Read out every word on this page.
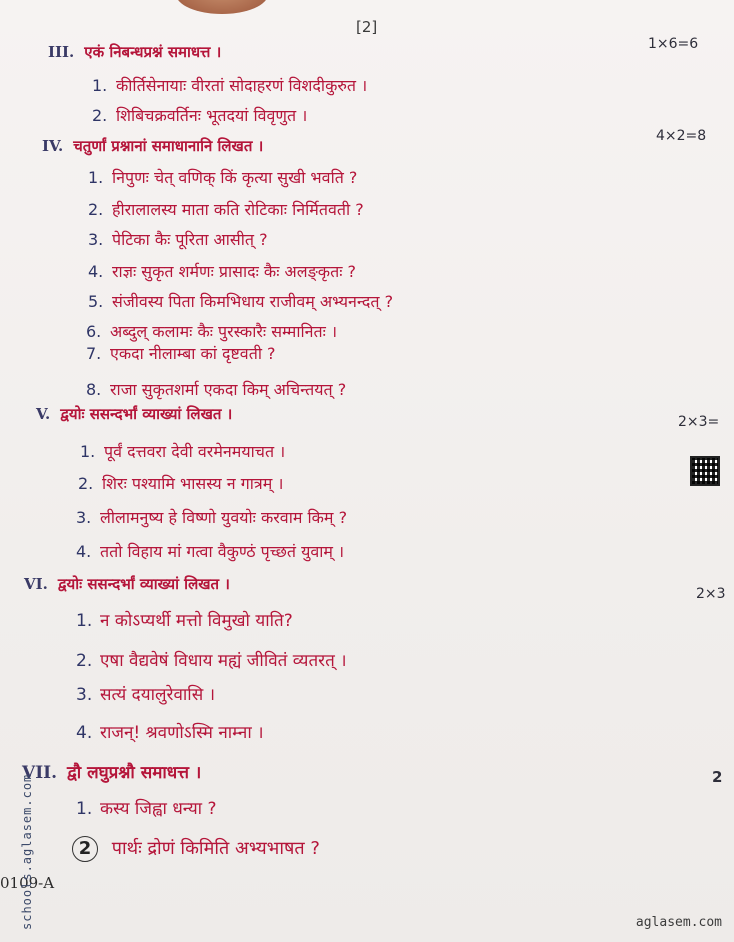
[2]
III. एकं निबन्धप्रश्नं समाधत्त ।	1×6=6
1. कीर्तिसेनायाः वीरतां सोदाहरणं विशदीकुरुत ।
2. शिबिचक्रवर्तिनः भूतदयां विवृणुत ।
IV. चतुर्णां प्रश्नानां समाधानानि लिखत ।
4×2=8
1. निपुणः चेत् वणिक् किं कृत्या सुखी भवति ?
2. हीरालालस्य माता कति रोटिकाः निर्मितवती ?
3. पेटिका कैः पूरिता आसीत् ?
4. राज्ञः सुकृत शर्मणः प्रासादः कैः अलङ्कृतः ?
5. संजीवस्य पिता किमभिधाय राजीवम् अभ्यनन्दत् ?
6. अब्दुल् कलामः कैः पुरस्कारैः सम्मानितः ।
7. एकदा नीलाम्बा कां दृष्टवती ?
8. राजा सुकृतशर्मा एकदा किम् अचिन्तयत् ?
V. द्वयोः ससन्दर्भां व्याख्यां लिखत ।	2×3=
1. पूर्वं दत्तवरा देवी वरमेनमयाचत ।
2. शिरः पश्यामि भासस्य न गात्रम् ।
3. लीलामनुष्य हे विष्णो युवयोः करवाम किम् ?
4. ततो विहाय मां गत्वा वैकुण्ठं पृच्छतं युवाम् ।
VI. द्वयोः ससन्दर्भां व्याख्यां लिखत ।
2×3
1. न कोऽप्यर्थी मत्तो विमुखो याति?
2. एषा वैद्यवेषं विधाय मह्यं जीवितं व्यतरत् ।
3. सत्यं दयालुरेवासि ।
4. राजन्! श्रवणोऽस्मि नाम्ना ।
VII. द्वौ लघुप्रश्नौ समाधत्त ।	2
1. कस्य जिह्वा धन्या ?
2 पार्थः द्रोणं किमिति अभ्यभाषत ?
0109-A
schools.aglasem.com	aglasem.com
